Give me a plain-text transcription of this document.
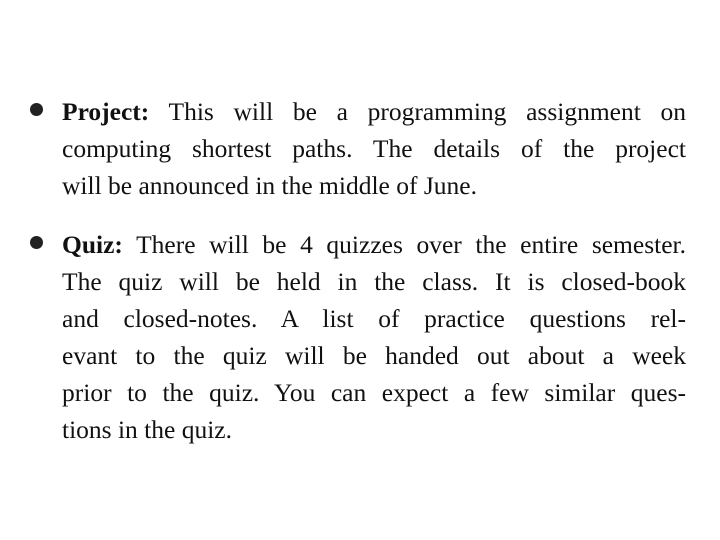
Project: This will be a programming assignment on
computing shortest paths. The details of the project
will be announced in the middle of June.
Quiz: There will be 4 quizzes over the entire semester.
The quiz will be held in the class. It is closed-book
and closed-notes. A list of practice questions rel-
evant to the quiz will be handed out about a week
prior to the quiz. You can expect a few similar ques-
tions in the quiz.
